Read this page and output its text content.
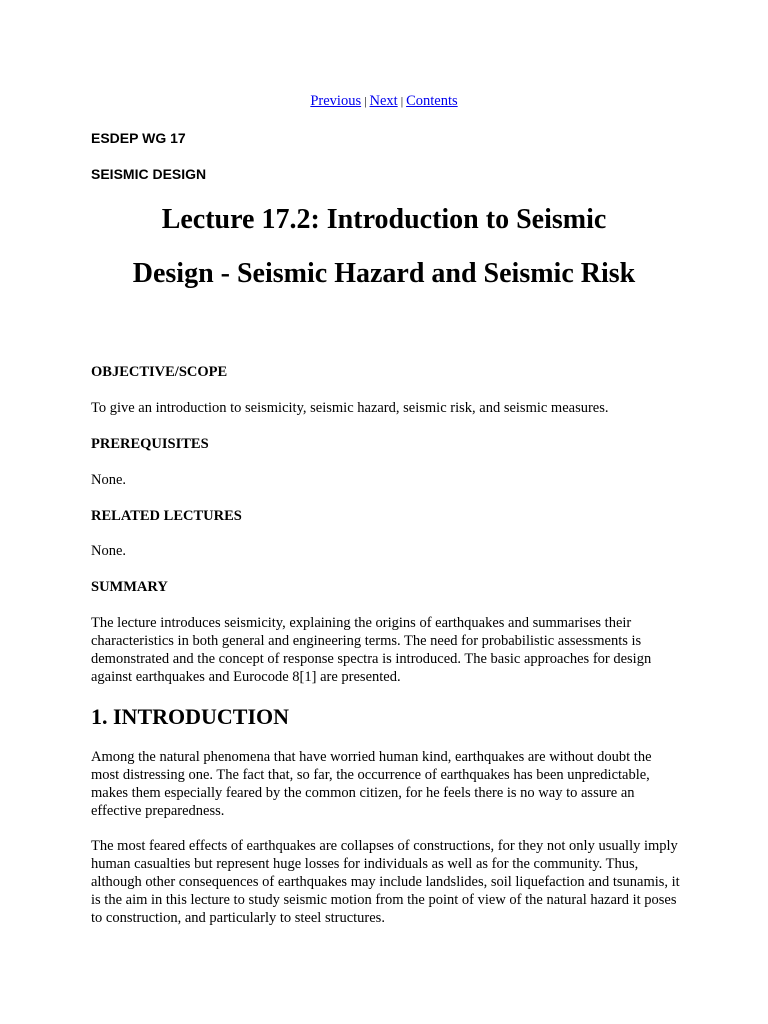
Previous | Next | Contents
ESDEP WG 17
SEISMIC DESIGN
Lecture 17.2: Introduction to Seismic Design - Seismic Hazard and Seismic Risk
OBJECTIVE/SCOPE

To give an introduction to seismicity, seismic hazard, seismic risk, and seismic measures.

PREREQUISITES

None.

RELATED LECTURES

None.

SUMMARY

The lecture introduces seismicity, explaining the origins of earthquakes and summarises their characteristics in both general and engineering terms. The need for probabilistic assessments is demonstrated and the concept of response spectra is introduced. The basic approaches for design against earthquakes and Eurocode 8[1] are presented.

1. INTRODUCTION

Among the natural phenomena that have worried human kind, earthquakes are without doubt the most distressing one. The fact that, so far, the occurrence of earthquakes has been unpredictable, makes them especially feared by the common citizen, for he feels there is no way to assure an effective preparedness.

The most feared effects of earthquakes are collapses of constructions, for they not only usually imply human casualties but represent huge losses for individuals as well as for the community. Thus, although other consequences of earthquakes may include landslides, soil liquefaction and tsunamis, it is the aim in this lecture to study seismic motion from the point of view of the natural hazard it poses to construction, and particularly to steel structures.
